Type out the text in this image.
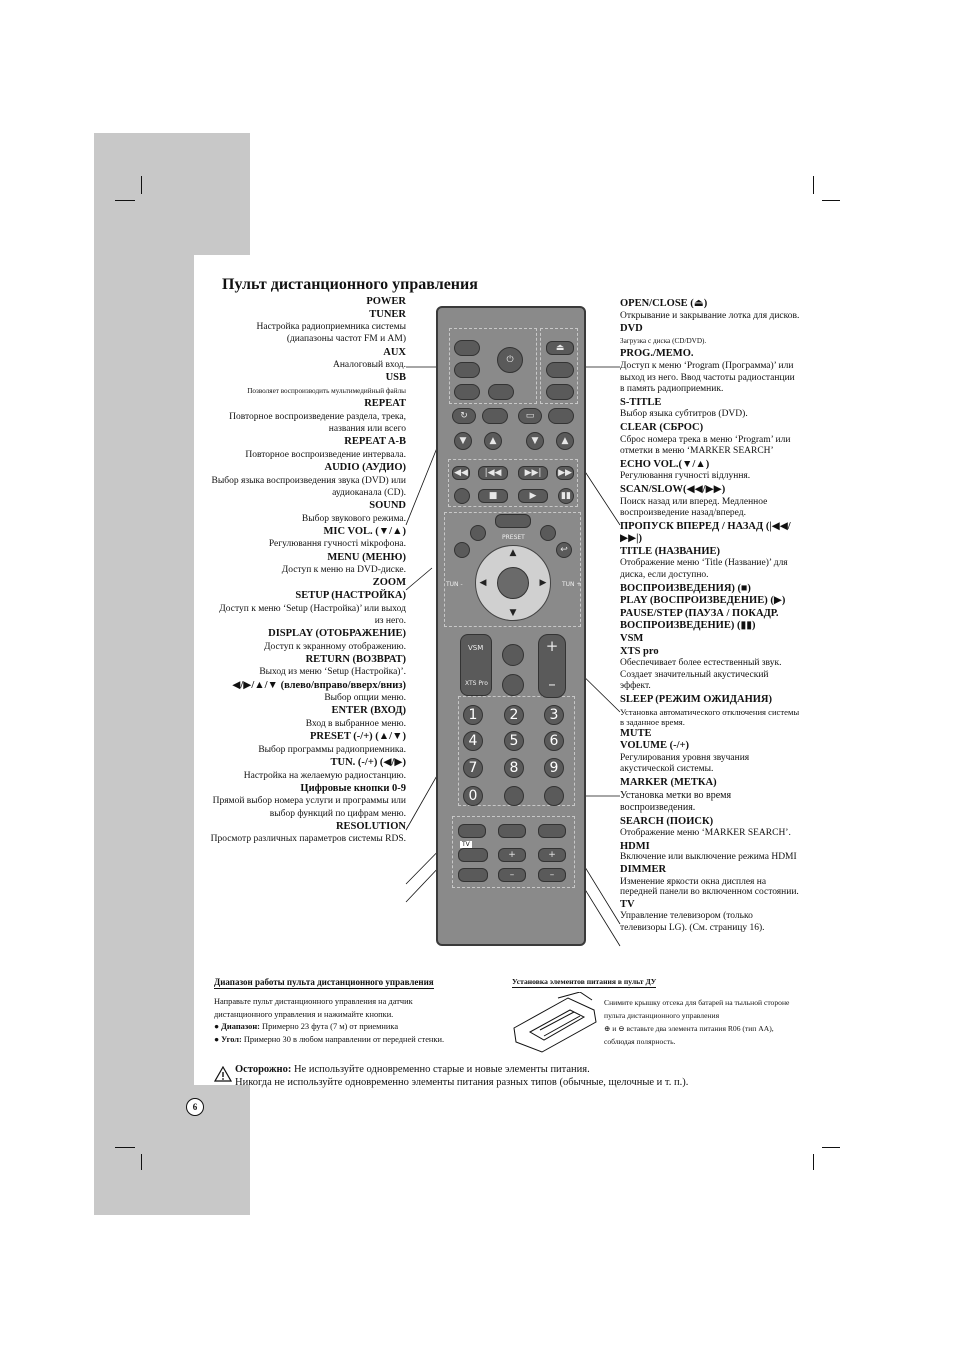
Пульт дистанционного управления
POWER
TUNER
Настройка радиоприемника системы (диапазоны частот FM и AM)
AUX
Аналоговый вход.
USB
Позволяет воспроизводить мультимедийный файлы
REPEAT
Повторное воспроизведение раздела, трека, названия или всего
REPEAT A-B
Повторное воспроизведение интервала.
AUDIO (АУДИО)
Выбор языка воспроизведения звука (DVD) или аудиоканала (CD).
SOUND
Выбор звукового режима.
MIC VOL. (▼/▲)
Регулювання гучності мікрофона.
MENU (МЕНЮ)
Доступ к меню на DVD-диске.
ZOOM
SETUP (НАСТРОЙКА)
Доступ к меню ‘Setup (Настройка)’ или выход из него.
DISPLAY (ОТОБРАЖЕНИЕ)
Доступ к экранному отображению.
RETURN (ВОЗВРАТ)
Выход из меню ‘Setup (Настройка)’.
◀/▶/▲/▼ (влево/вправо/вверх/вниз)
Выбор опции меню.
ENTER (ВХОД)
Вход в выбранное меню.
PRESET (-/+) (▲/▼)
Выбор программы радиоприемника.
TUN. (-/+) (◀/▶)
Настройка на желаемую радиостанцию.
Цифровые кнопки 0-9
Прямой выбор номера услуги и программы или выбор функций по цифрам меню.
RESOLUTION
Просмотр различных параметров системы RDS.
OPEN/CLOSE (⏏)
Открывание и закрывание лотка для дисков.
DVD
Загрузка с диска (CD/DVD).
PROG./MEMO.
Доступ к меню ‘Program (Программа)’ или выход из него. Ввод частоты радиостанции в память радиоприемник.
S-TITLE
Выбор языка субтитров (DVD).
CLEAR (СБРОС)
Сброс номера трека в меню ‘Program’ или отметки в меню ‘MARKER SEARCH’
ECHO VOL.(▼/▲)
Регулювання гучності відлуння.
SCAN/SLOW(◀◀/▶▶)
Поиск назад или вперед. Медленное воспроизведение назад/вперед.
ПРОПУСК ВПЕРЕД / НАЗАД (|◀◀/▶▶|)
TITLE (НАЗВАНИЕ)
Отображение меню ‘Title (Название)’ для диска, если доступно.
ВОСПРОИЗВЕДЕНИЯ) (■)
PLAY (ВОСПРОИЗВЕДЕНИЕ) (▶)
PAUSE/STEP (ПАУЗА / ПОКАДР. ВОСПРОИЗВЕДЕНИЕ) (▮▮)
VSM
XTS pro
Обеспечивает более естественный звук. Создает значительный акустический эффект.
SLEEP (РЕЖИМ ОЖИДАНИЯ)
Установка автоматического отключения системы в заданное время.
MUTE
VOLUME (-/+)
Регулирования уровня звучания акустической системы.
MARKER (МЕТКА)
Установка метки во время воспроизведения.
SEARCH (ПОИСК)
Отображение меню ‘MARKER SEARCH’.
HDMI
Включение или выключение режима HDMI
DIMMER
Изменение яркости окна дисплея на передней панели во включенном состоянии.
TV
Управление телевизором (только телевизоры LG). (См. страницу 16).
⏻
⏏
↻	▭
▼	▲	▼	▲
◀◀	|◀◀	▶▶|	▶▶
■	▶	▮▮
PRESET
↩
▲
▼
◀	▶
TUN -	TUN +
VSM
XTS Pro
+
–
1	2	3
4	5	6
7	8	9
0
TV
+	+
–	–
Диапазон работы пульта дистанционного управления
Направьте пульт дистанционного управления на датчик дистанционного управления и нажимайте кнопки.
● Диапазон: Примерно 23 фута (7 м) от приемника
● Угол: Примерно 30 в любом направлении от передней стенки.
Установка элементов питания в пульт ДУ
Снимите крышку отсека для батарей на тыльной стороне пульта дистанционного управления
⊕ и ⊖ вставьте два элемента питания R06 (тип AA), соблюдая полярность.
Осторожно: Не используйте одновременно старые и новые элементы питания.
Никогда не используйте одновременно элементы питания разных типов (обычные, щелочные и т. п.).
6
